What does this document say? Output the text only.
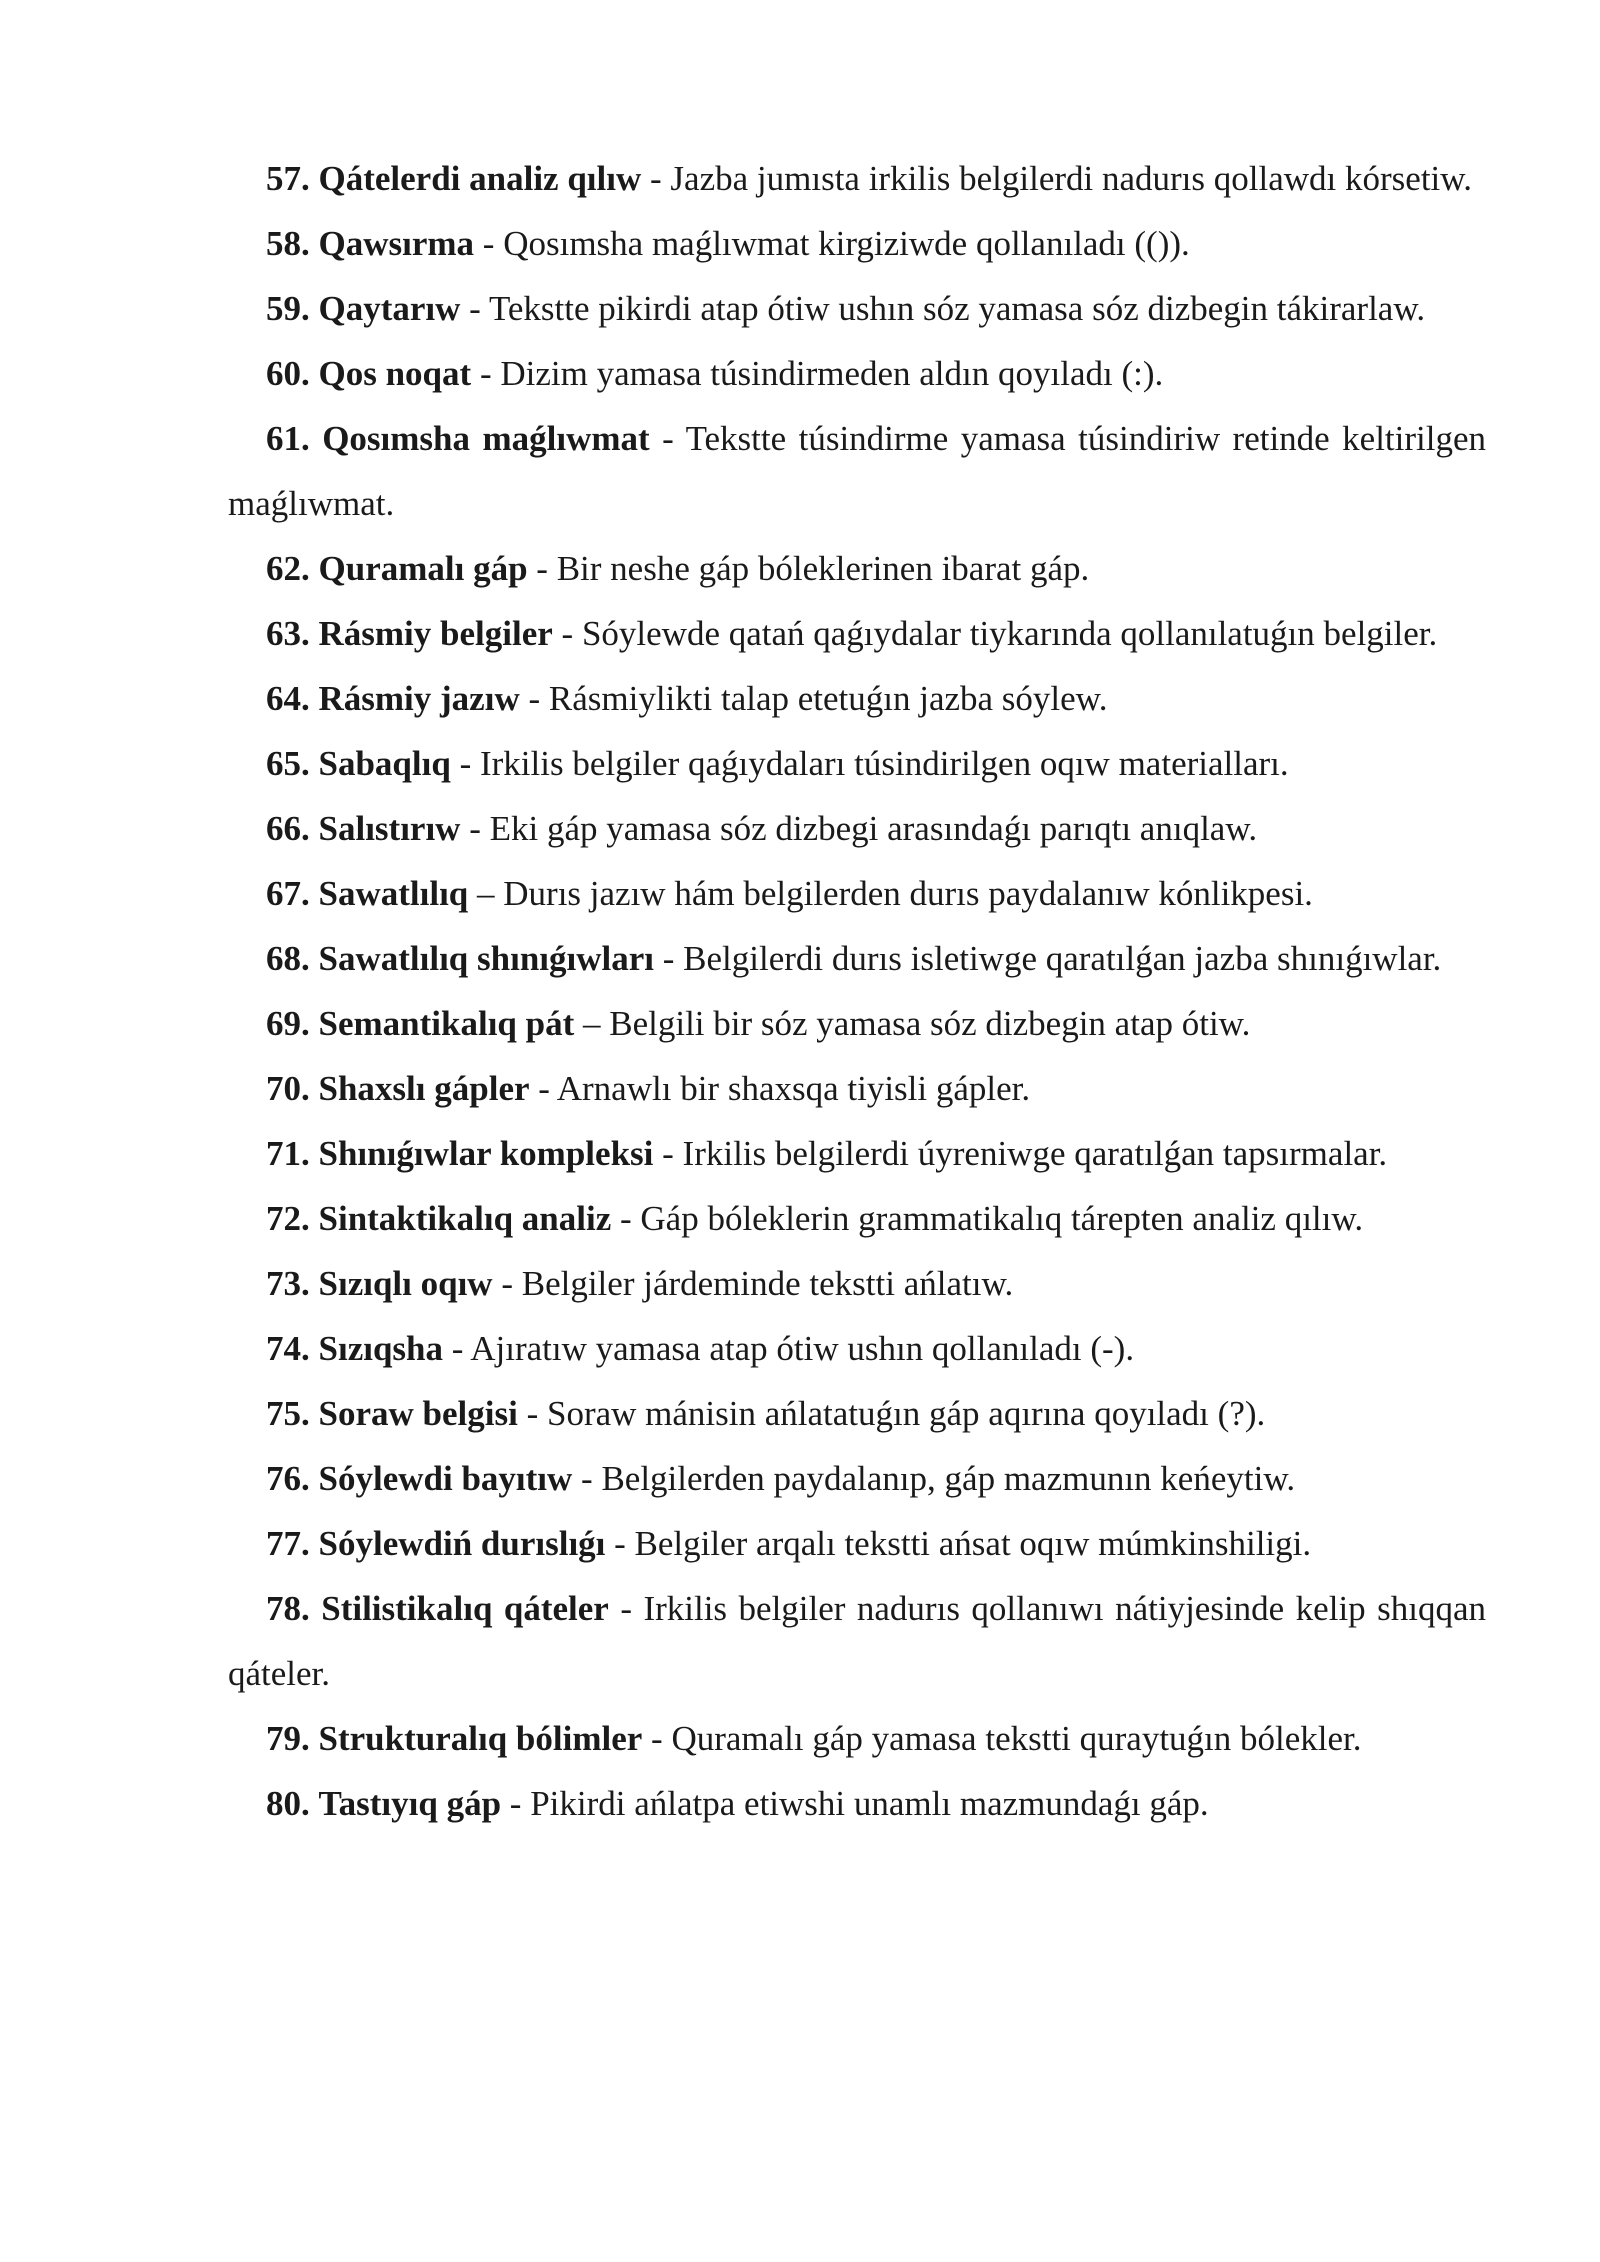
57. Qátelerdi analiz qılıw - Jazba jumısta irkilis belgilerdi nadurıs qollawdı kórsetiw.

58. Qawsırma - Qosımsha maǵlıwmat kirgiziwde qollanıladı (()).

59. Qaytarıw - Tekstte pikirdi atap ótiw ushın sóz yamasa sóz dizbegin tákirarlaw.

60. Qos noqat - Dizim yamasa túsindirmeden aldın qoyıladı (:).

61. Qosımsha maǵlıwmat - Tekstte túsindirme yamasa túsindiriw retinde keltirilgen maǵlıwmat.

62. Quramalı gáp - Bir neshe gáp bóleklerinen ibarat gáp.

63. Rásmiy belgiler - Sóylewde qatań qaǵıydalar tiykarında qollanılatuǵın belgiler.

64. Rásmiy jazıw - Rásmiylikti talap etetuǵın jazba sóylew.

65. Sabaqlıq - Irkilis belgiler qaǵıydaları túsindirilgen oqıw materialları.

66. Salıstırıw - Eki gáp yamasa sóz dizbegi arasındaǵı parıqtı anıqlaw.

67. Sawatlılıq – Durıs jazıw hám belgilerden durıs paydalanıw kónlikpesi.

68. Sawatlılıq shınıǵıwları - Belgilerdi durıs isletiwge qaratılǵan jazba shınıǵıwlar.

69. Semantikalıq pát – Belgili bir sóz yamasa sóz dizbegin atap ótiw.

70. Shaxslı gápler - Arnawlı bir shaxsqa tiyisli gápler.

71. Shınıǵıwlar kompleksi - Irkilis belgilerdi úyreniwge qaratılǵan tapsırmalar.

72. Sintaktikalıq analiz - Gáp bóleklerin grammatikalıq tárepten analiz qılıw.

73. Sızıqlı oqıw - Belgiler járdeminde tekstti ańlatıw.

74. Sızıqsha - Ajıratıw yamasa atap ótiw ushın qollanıladı (-).

75. Soraw belgisi - Soraw mánisin ańlatatuǵın gáp aqırına qoyıladı (?).

76. Sóylewdi bayıtıw - Belgilerden paydalanıp, gáp mazmunın keńeytiw.

77. Sóylewdiń durıslıǵı - Belgiler arqalı tekstti ańsat oqıw múmkinshiligi.

78. Stilistikalıq qáteler - Irkilis belgiler nadurıs qollanıwı nátiyjesinde kelip shıqqan qáteler.

79. Strukturalıq bólimler - Quramalı gáp yamasa tekstti quraytuǵın bólekler.

80. Tastıyıq gáp - Pikirdi ańlatpa etiwshi unamlı mazmundaǵı gáp.
